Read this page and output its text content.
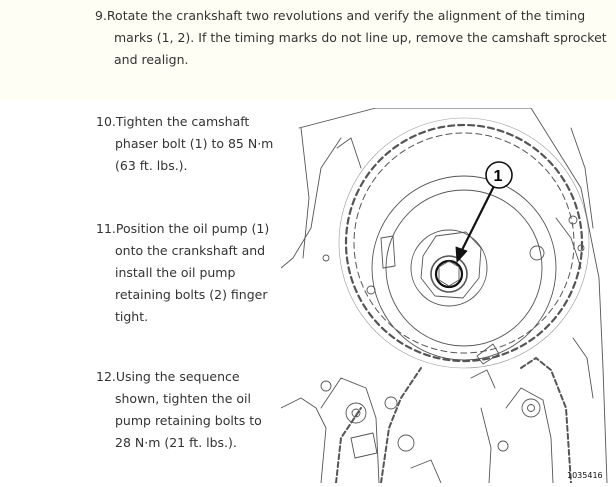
9.Rotate the crankshaft two revolutions and verify the alignment of the timing
marks (1, 2). If the timing marks do not line up, remove the camshaft sprocket
and realign.
10.Tighten the camshaft
phaser bolt (1) to 85 N·m
(63 ft. lbs.).
11.Position the oil pump (1)
onto the crankshaft and
install the oil pump
retaining bolts (2) finger
tight.
12.Using the sequence
shown, tighten the oil
pump retaining bolts to
28 N·m (21 ft. lbs.).
1
1035416
